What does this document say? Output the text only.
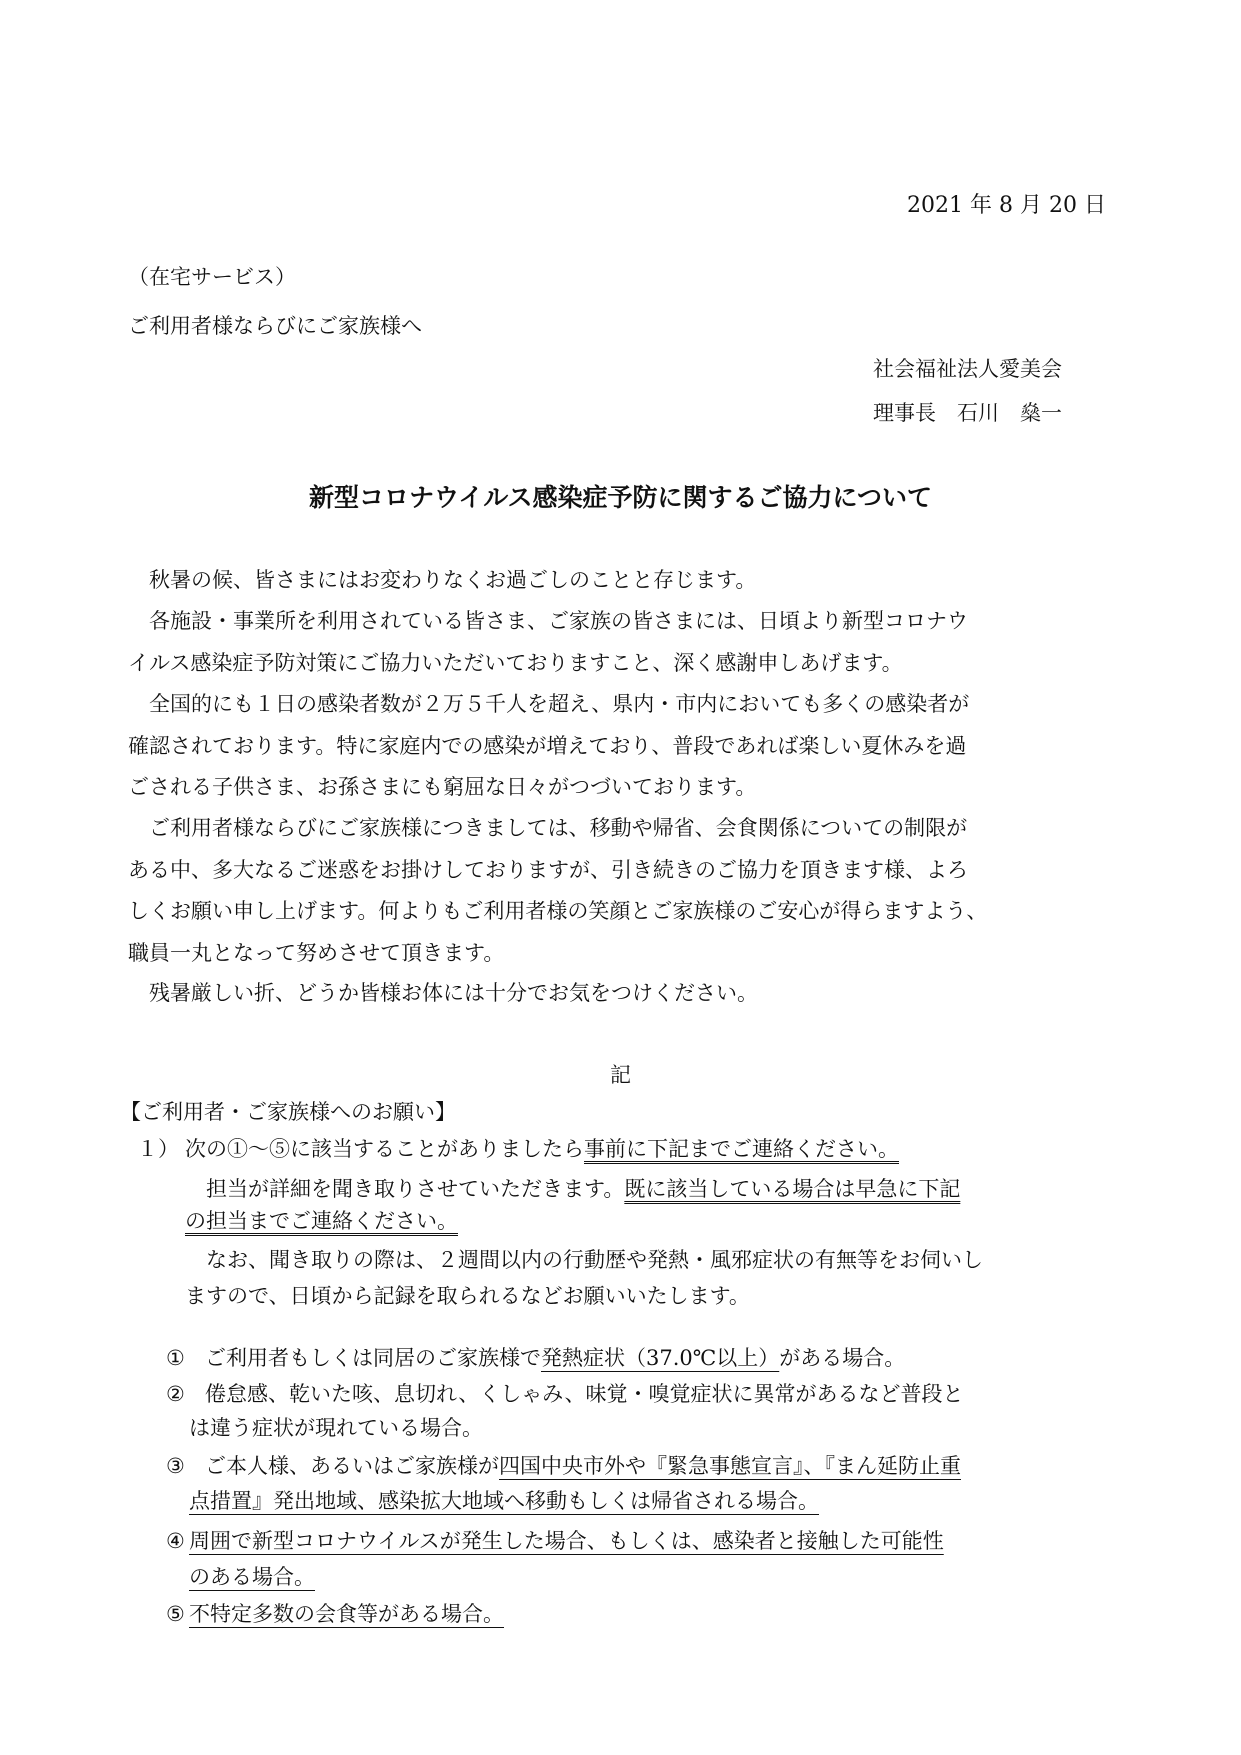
2021 年 8 月 20 日
（在宅サービス）
ご利用者様ならびにご家族様へ
社会福祉法人愛美会
理事長　石川　燊一
新型コロナウイルス感染症予防に関するご協力について
秋暑の候、皆さまにはお変わりなくお過ごしのことと存じます。
各施設・事業所を利用されている皆さま、ご家族の皆さまには、日頃より新型コロナウ
イルス感染症予防対策にご協力いただいておりますこと、深く感謝申しあげます。
全国的にも１日の感染者数が２万５千人を超え、県内・市内においても多くの感染者が
確認されております。特に家庭内での感染が増えており、普段であれば楽しい夏休みを過
ごされる子供さま、お孫さまにも窮屈な日々がつづいております。
ご利用者様ならびにご家族様につきましては、移動や帰省、会食関係についての制限が
ある中、多大なるご迷惑をお掛けしておりますが、引き続きのご協力を頂きます様、よろ
しくお願い申し上げます。何よりもご利用者様の笑顔とご家族様のご安心が得らますよう、
職員一丸となって努めさせて頂きます。
残暑厳しい折、どうか皆様お体には十分でお気をつけください。
記
【ご利用者・ご家族様へのお願い】
１） 次の①～⑤に該当することがありましたら事前に下記までご連絡ください。
担当が詳細を聞き取りさせていただきます。既に該当している場合は早急に下記
の担当までご連絡ください。
なお、聞き取りの際は、２週間以内の行動歴や発熱・風邪症状の有無等をお伺いし
ますので、日頃から記録を取られるなどお願いいたします。
① ご利用者もしくは同居のご家族様で発熱症状（37.0℃以上）がある場合。
② 倦怠感、乾いた咳、息切れ、くしゃみ、味覚・嗅覚症状に異常があるなど普段と
は違う症状が現れている場合。
③ ご本人様、あるいはご家族様が四国中央市外や『緊急事態宣言』、『まん延防止重
点措置』発出地域、感染拡大地域へ移動もしくは帰省される場合。
④ 周囲で新型コロナウイルスが発生した場合、もしくは、感染者と接触した可能性
のある場合。
⑤ 不特定多数の会食等がある場合。
